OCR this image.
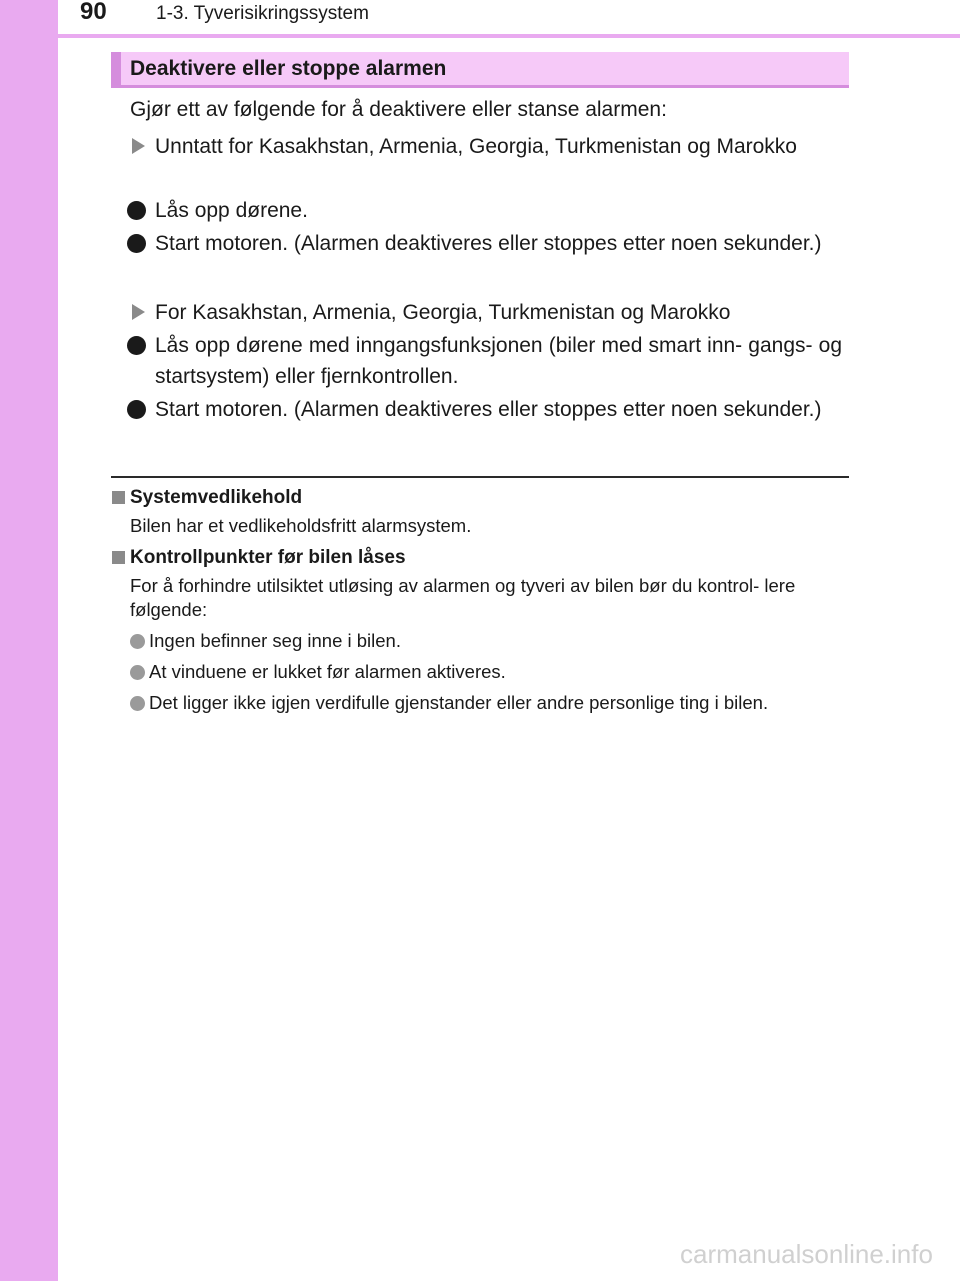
90	1-3. Tyverisikringssystem
Deaktivere eller stoppe alarmen
Gjør ett av følgende for å deaktivere eller stanse alarmen:
Unntatt for Kasakhstan, Armenia, Georgia, Turkmenistan og Marokko
Lås opp dørene.
Start motoren. (Alarmen deaktiveres eller stoppes etter noen sekunder.)
For Kasakhstan, Armenia, Georgia, Turkmenistan og Marokko
Lås opp dørene med inngangsfunksjonen (biler med smart inn- gangs- og startsystem) eller fjernkontrollen.
Start motoren. (Alarmen deaktiveres eller stoppes etter noen sekunder.)
Systemvedlikehold
Bilen har et vedlikeholdsfritt alarmsystem.
Kontrollpunkter før bilen låses
For å forhindre utilsiktet utløsing av alarmen og tyveri av bilen bør du kontrol- lere følgende:
Ingen befinner seg inne i bilen.
At vinduene er lukket før alarmen aktiveres.
Det ligger ikke igjen verdifulle gjenstander eller andre personlige ting i bilen.
carmanualsonline.info
